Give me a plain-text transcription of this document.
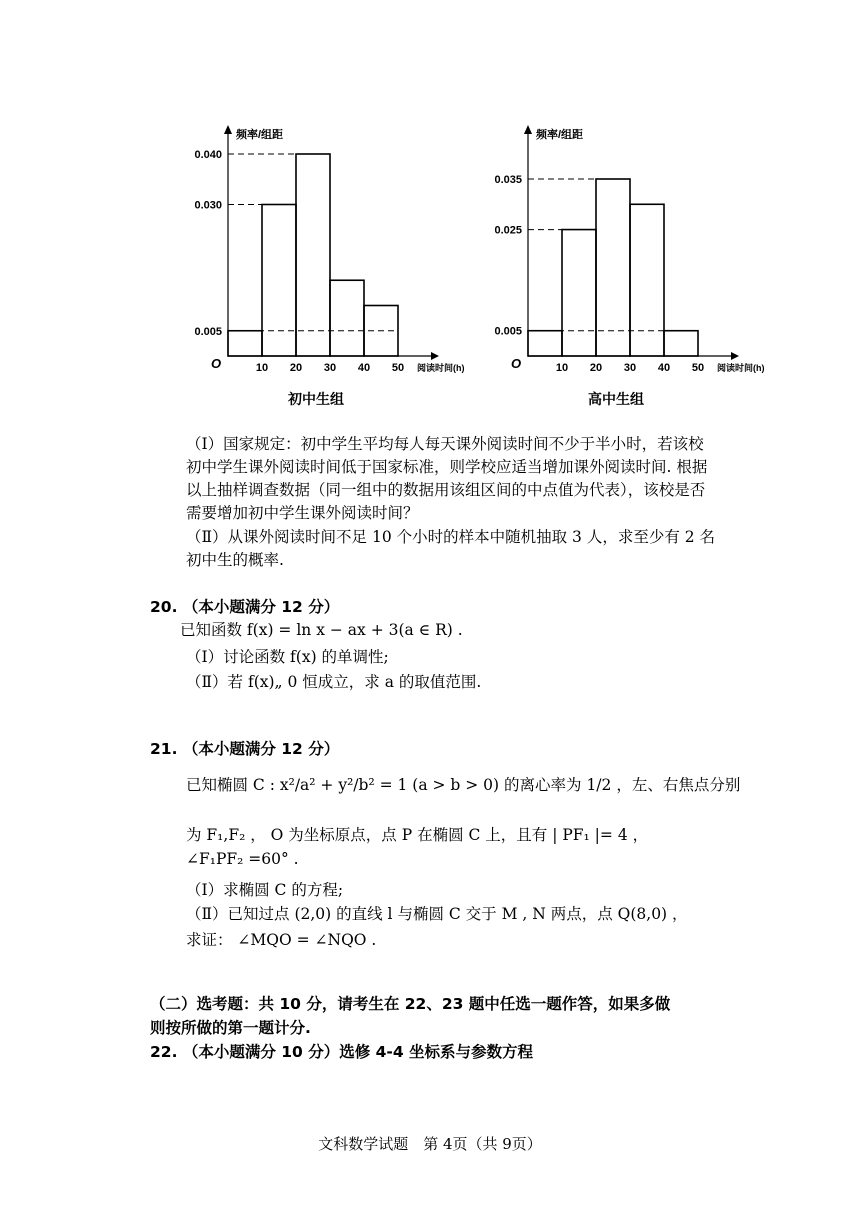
0.040
0.030
0.005
10 20 30 40 50
O
频率/组距
阅读时间(h)
初中生组
0.035
0.025
0.005
10 20 30 40 50
O
频率/组距
阅读时间(h)
高中生组
（Ⅰ）国家规定：初中学生平均每人每天课外阅读时间不少于半小时，若该校初中学生课外阅读时间低于国家标准，则学校应适当增加课外阅读时间. 根据以上抽样调查数据（同一组中的数据用该组区间的中点值为代表），该校是否需要增加初中学生课外阅读时间？
（Ⅱ）从课外阅读时间不足 10 个小时的样本中随机抽取 3 人，求至少有 2 名初中生的概率.
20. （本小题满分 12 分）
已知函数 f(x) = ln x − ax + 3(a ∈ R) .
（Ⅰ）讨论函数 f(x) 的单调性;
（Ⅱ）若 f(x)„ 0 恒成立，求 a 的取值范围.
21. （本小题满分 12 分）
已知椭圆 C : x²/a² + y²/b² = 1 (a > b > 0) 的离心率为 1/2 ，左、右焦点分别
为 F₁,F₂ ， O 为坐标原点，点 P 在椭圆 C 上，且有 | PF₁ |= 4 ，
∠F₁PF₂ =60° .
（Ⅰ）求椭圆 C 的方程;
（Ⅱ）已知过点 (2,0) 的直线 l 与椭圆 C 交于 M , N 两点，点 Q(8,0) ，
求证： ∠MQO = ∠NQO .
（二）选考题：共 10 分，请考生在 22、23 题中任选一题作答，如果多做
则按所做的第一题计分.
22. （本小题满分 10 分）选修 4-4 坐标系与参数方程
文科数学试题　第 4页（共 9页）
